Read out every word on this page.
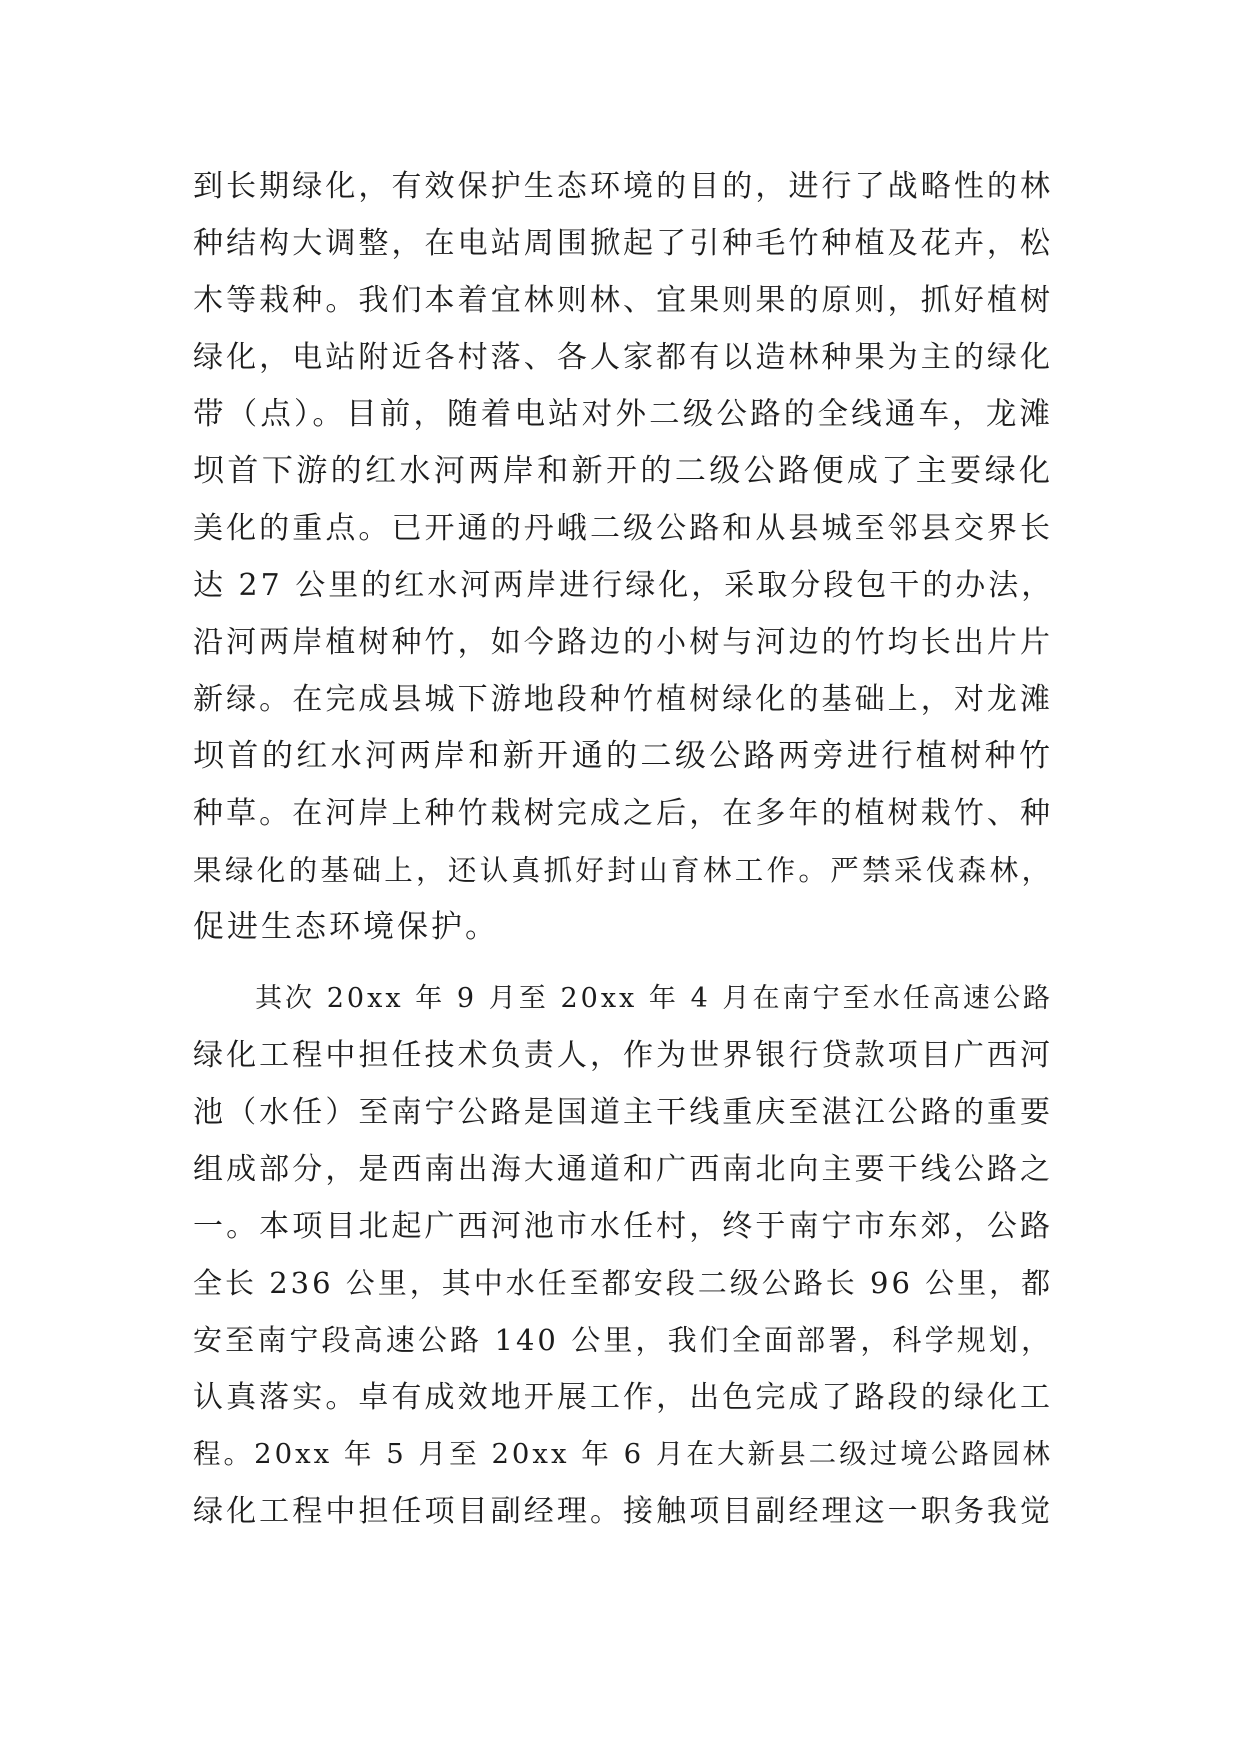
到长期绿化，有效保护生态环境的目的，进行了战略性的林
种结构大调整，在电站周围掀起了引种毛竹种植及花卉，松
木等栽种。我们本着宜林则林、宜果则果的原则，抓好植树
绿化，电站附近各村落、各人家都有以造林种果为主的绿化
带（点）。目前，随着电站对外二级公路的全线通车，龙滩
坝首下游的红水河两岸和新开的二级公路便成了主要绿化
美化的重点。已开通的丹峨二级公路和从县城至邻县交界长
达 27 公里的红水河两岸进行绿化，采取分段包干的办法，
沿河两岸植树种竹，如今路边的小树与河边的竹均长出片片
新绿。在完成县城下游地段种竹植树绿化的基础上，对龙滩
坝首的红水河两岸和新开通的二级公路两旁进行植树种竹
种草。在河岸上种竹栽树完成之后，在多年的植树栽竹、种
果绿化的基础上，还认真抓好封山育林工作。严禁采伐森林，
促进生态环境保护。
其次 20xx 年 9 月至 20xx 年 4 月在南宁至水任高速公路
绿化工程中担任技术负责人，作为世界银行贷款项目广西河
池（水任）至南宁公路是国道主干线重庆至湛江公路的重要
组成部分，是西南出海大通道和广西南北向主要干线公路之
一。本项目北起广西河池市水任村，终于南宁市东郊，公路
全长 236 公里，其中水任至都安段二级公路长 96 公里，都
安至南宁段高速公路 140 公里，我们全面部署，科学规划，
认真落实。卓有成效地开展工作，出色完成了路段的绿化工
程。20xx 年 5 月至 20xx 年 6 月在大新县二级过境公路园林
绿化工程中担任项目副经理。接触项目副经理这一职务我觉
